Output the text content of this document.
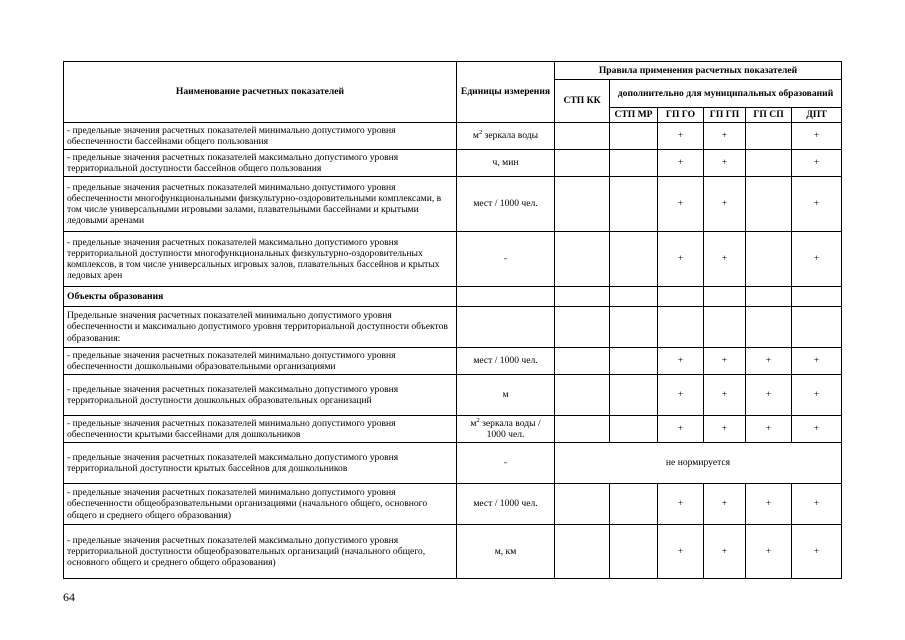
Наименование расчетных показателей	Единицы измерения	Правила применения расчетных показателей					
		СТП КК	дополнительно для муниципальных образований				
			СТП МР	ГП ГО	ГП ГП	ГП СП	ДПТ
- предельные значения расчетных показателей минимально допустимого уровня обеспеченности бассейнами общего пользования	$м^2$ зеркала воды			+	+		+
- предельные значения расчетных показателей максимально допустимого уровня территориальной доступности бассейнов общего пользования	ч, мин			+	+		+
- предельные значения расчетных показателей минимально допустимого уровня обеспеченности многофункциональными физкультурно-оздоровительными комплексами, в том числе универсальными игровыми залами, плавательными бассейнами и крытыми ледовыми аренами	мест / 1000 чел.			+	+		+
- предельные значения расчетных показателей максимально допустимого уровня территориальной доступности многофункциональных физкультурно-оздоровительных комплексов, в том числе универсальных игровых залов, плавательных бассейнов и крытых ледовых арен	-			+	+		+
Объекты образования							
Предельные значения расчетных показателей минимально допустимого уровня обеспеченности и максимально допустимого уровня территориальной доступности объектов образования:							
- предельные значения расчетных показателей минимально допустимого уровня обеспеченности дошкольными образовательными организациями	мест / 1000 чел.			+	+	+	+
- предельные значения расчетных показателей максимально допустимого уровня территориальной доступности дошкольных образовательных организаций	м			+	+	+	+
- предельные значения расчетных показателей минимально допустимого уровня обеспеченности крытыми бассейнами для дошкольников	$м^2$ зеркала воды / 1000 чел.			+	+	+	+
- предельные значения расчетных показателей максимально допустимого уровня территориальной доступности крытых бассейнов для дошкольников	-	не нормируется					
- предельные значения расчетных показателей минимально допустимого уровня обеспеченности общеобразовательными организациями (начального общего, основного общего и среднего общего образования)	мест / 1000 чел.			+	+	+	+
- предельные значения расчетных показателей максимально допустимого уровня территориальной доступности общеобразовательных организаций (начального общего, основного общего и среднего общего образования)	м, км			+	+	+	+
64
